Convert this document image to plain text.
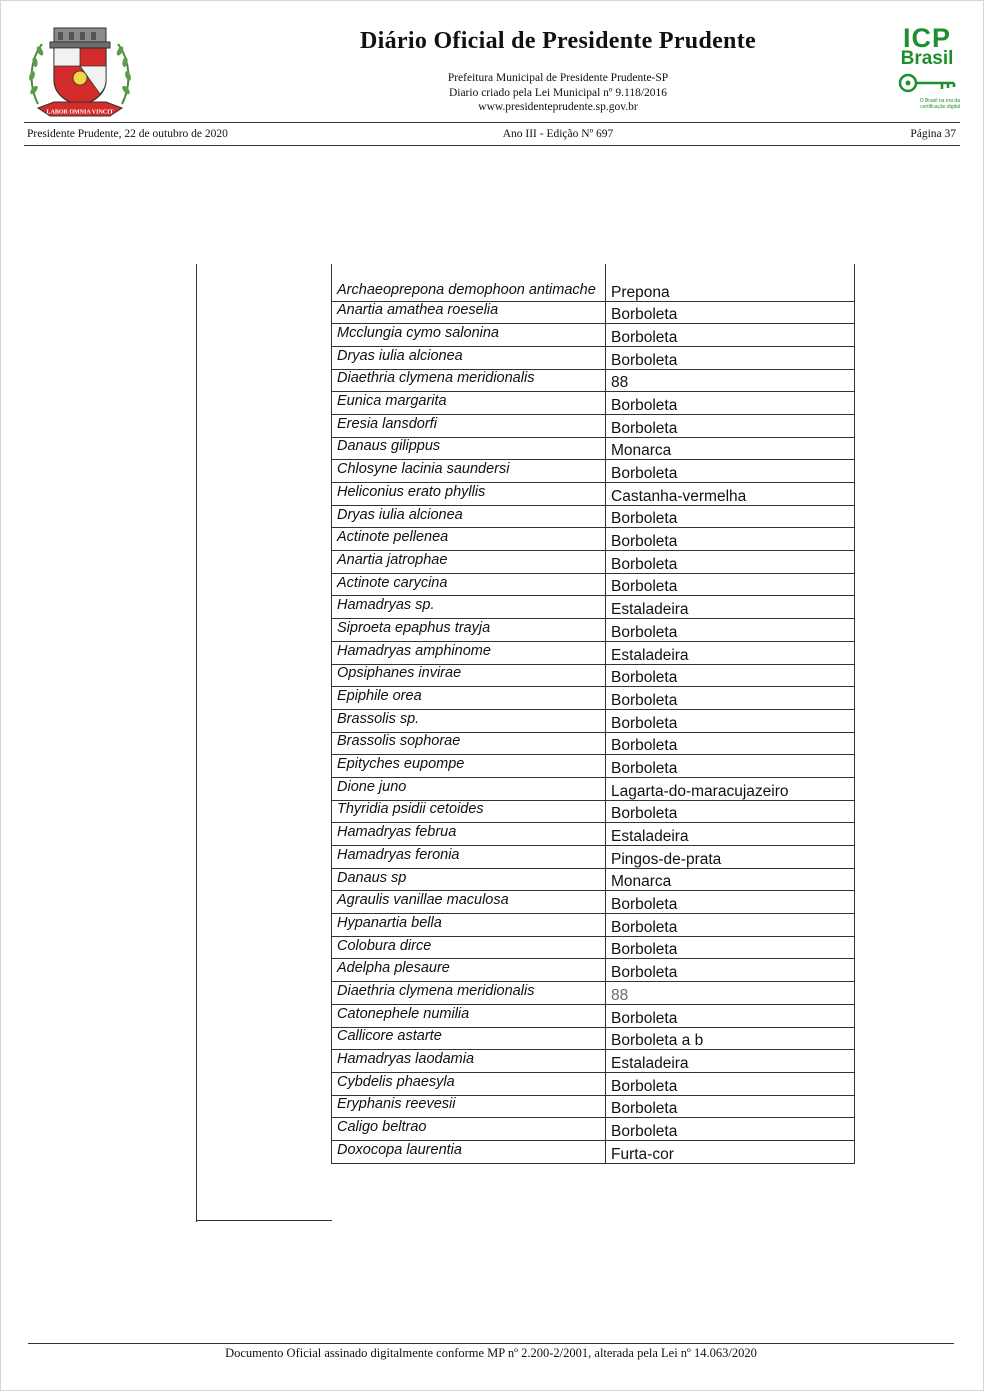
LABOR OMNIA VINCIT
Diário Oficial de Presidente Prudente
Prefeitura Municipal de Presidente Prudente-SP
Diario criado pela Lei Municipal nº 9.118/2016
www.presidenteprudente.sp.gov.br
ICP
Brasil
O Brasil na era da certificação digital
Presidente Prudente, 22 de outubro de 2020	Ano III - Edição Nº 697	Página 37
Archaeoprepona demophoon antimache	Prepona
Anartia amathea roeselia	Borboleta
Mcclungia cymo salonina	Borboleta
Dryas iulia alcionea	Borboleta
Diaethria clymena meridionalis	88
Eunica margarita	Borboleta
Eresia lansdorfi	Borboleta
Danaus gilippus	Monarca
Chlosyne lacinia saundersi	Borboleta
Heliconius erato phyllis	Castanha-vermelha
Dryas iulia alcionea	Borboleta
Actinote pellenea	Borboleta
Anartia jatrophae	Borboleta
Actinote carycina	Borboleta
Hamadryas sp.	Estaladeira
Siproeta epaphus trayja	Borboleta
Hamadryas amphinome	Estaladeira
Opsiphanes invirae	Borboleta
Epiphile orea	Borboleta
Brassolis sp.	Borboleta
Brassolis sophorae	Borboleta
Epityches eupompe	Borboleta
Dione juno	Lagarta-do-maracujazeiro
Thyridia psidii cetoides	Borboleta
Hamadryas februa	Estaladeira
Hamadryas feronia	Pingos-de-prata
Danaus sp	Monarca
Agraulis vanillae maculosa	Borboleta
Hypanartia bella	Borboleta
Colobura dirce	Borboleta
Adelpha plesaure	Borboleta
Diaethria clymena meridionalis	88
Catonephele numilia	Borboleta
Callicore astarte	Borboleta a b
Hamadryas laodamia	Estaladeira
Cybdelis phaesyla	Borboleta
Eryphanis reevesii	Borboleta
Caligo beltrao	Borboleta
Doxocopa laurentia	Furta-cor
Documento Oficial assinado digitalmente conforme MP nº 2.200-2/2001, alterada pela Lei nº 14.063/2020
